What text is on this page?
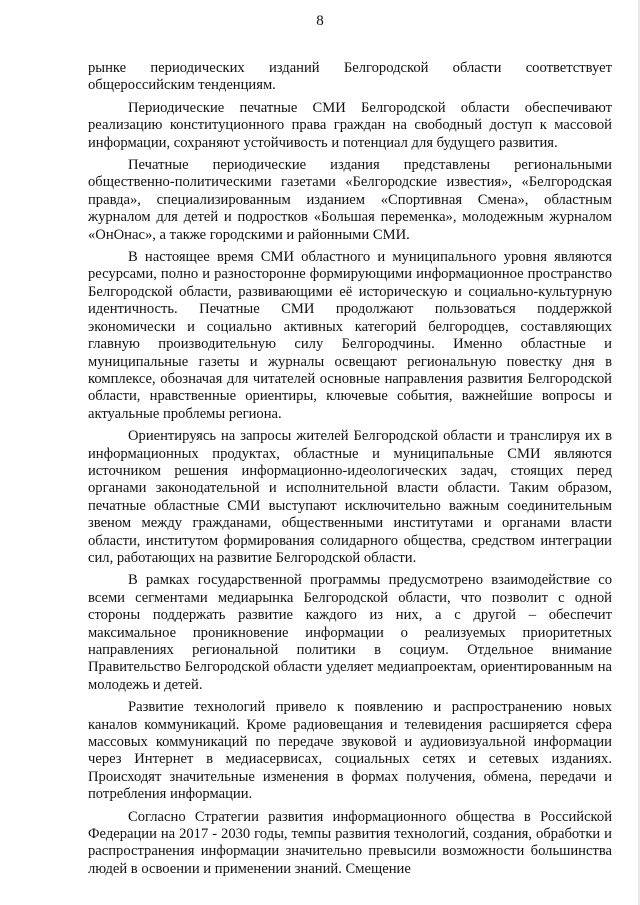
8

рынке периодических изданий Белгородской области соответствует общероссийским тенденциям.

Периодические печатные СМИ Белгородской области обеспечивают реализацию конституционного права граждан на свободный доступ к массовой информации, сохраняют устойчивость и потенциал для будущего развития.

Печатные периодические издания представлены региональными общественно-политическими газетами «Белгородские известия», «Белгородская правда», специализированным изданием «Спортивная Смена», областным журналом для детей и подростков «Большая переменка», молодежным журналом «ОнОнас», а также городскими и районными СМИ.

В настоящее время СМИ областного и муниципального уровня являются ресурсами, полно и разносторонне формирующими информационное пространство Белгородской области, развивающими её историческую и социально-культурную идентичность. Печатные СМИ продолжают пользоваться поддержкой экономически и социально активных категорий белгородцев, составляющих главную производительную силу Белгородчины. Именно областные и муниципальные газеты и журналы освещают региональную повестку дня в комплексе, обозначая для читателей основные направления развития Белгородской области, нравственные ориентиры, ключевые события, важнейшие вопросы и актуальные проблемы региона.

Ориентируясь на запросы жителей Белгородской области и транслируя их в информационных продуктах, областные и муниципальные СМИ являются источником решения информационно-идеологических задач, стоящих перед органами законодательной и исполнительной власти области. Таким образом, печатные областные СМИ выступают исключительно важным соединительным звеном между гражданами, общественными институтами и органами власти области, институтом формирования солидарного общества, средством интеграции сил, работающих на развитие Белгородской области.

В рамках государственной программы предусмотрено взаимодействие со всеми сегментами медиарынка Белгородской области, что позволит с одной стороны поддержать развитие каждого из них, а с другой – обеспечит максимальное проникновение информации о реализуемых приоритетных направлениях региональной политики в социум. Отдельное внимание Правительство Белгородской области уделяет медиапроектам, ориентированным на молодежь и детей.

Развитие технологий привело к появлению и распространению новых каналов коммуникаций. Кроме радиовещания и телевидения расширяется сфера массовых коммуникаций по передаче звуковой и аудиовизуальной информации через Интернет в медиасервисах, социальных сетях и сетевых изданиях. Происходят значительные изменения в формах получения, обмена, передачи и потребления информации.

Согласно Стратегии развития информационного общества в Российской Федерации на 2017 - 2030 годы, темпы развития технологий, создания, обработки и распространения информации значительно превысили возможности большинства людей в освоении и применении знаний. Смещение
